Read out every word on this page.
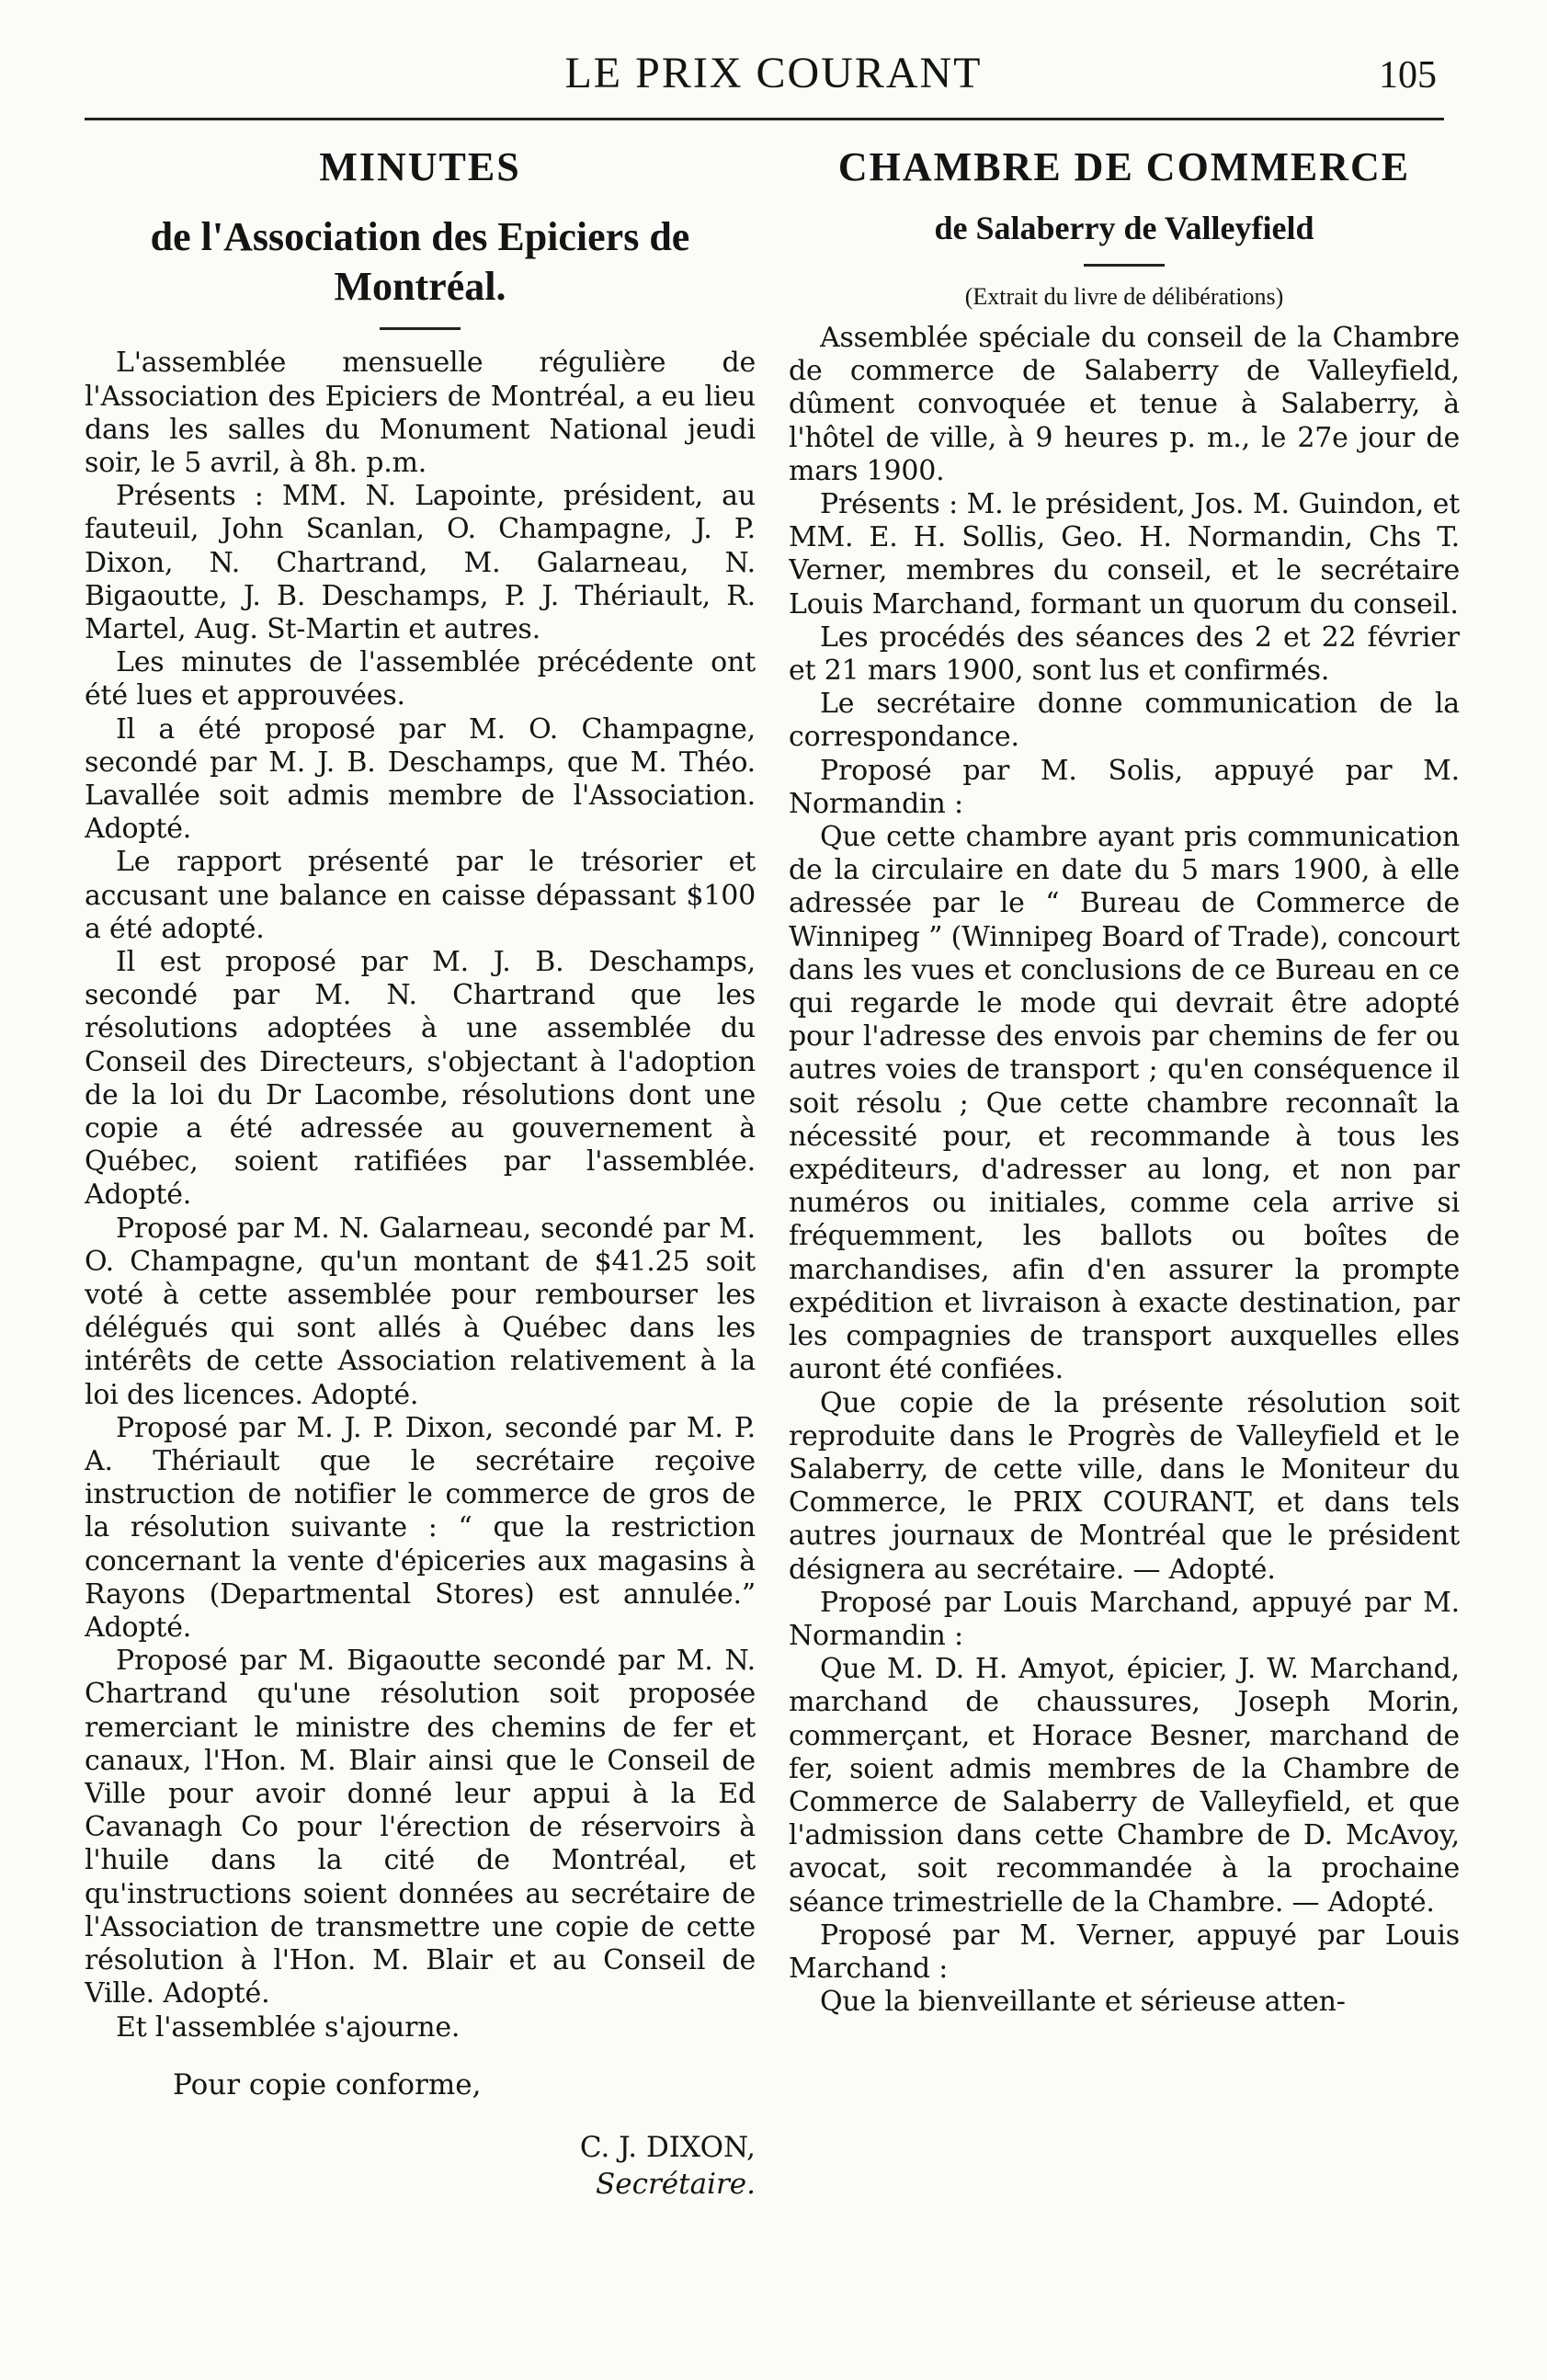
LE PRIX COURANT	105
MINUTES
de l'Association des Epiciers de Montréal.

L'assemblée mensuelle régulière de l'Association des Epiciers de Montréal, a eu lieu dans les salles du Monument National jeudi soir, le 5 avril, à 8h. p.m.

Présents : MM. N. Lapointe, président, au fauteuil, John Scanlan, O. Champagne, J. P. Dixon, N. Chartrand, M. Galarneau, N. Bigaoutte, J. B. Deschamps, P. J. Thériault, R. Martel, Aug. St-Martin et autres.

Les minutes de l'assemblée précédente ont été lues et approuvées.

Il a été proposé par M. O. Champagne, secondé par M. J. B. Deschamps, que M. Théo. Lavallée soit admis membre de l'Association. Adopté.

Le rapport présenté par le trésorier et accusant une balance en caisse dépassant $100 a été adopté.

Il est proposé par M. J. B. Deschamps, secondé par M. N. Chartrand que les résolutions adoptées à une assemblée du Conseil des Directeurs, s'objectant à l'adoption de la loi du Dr Lacombe, résolutions dont une copie a été adressée au gouvernement à Québec, soient ratifiées par l'assemblée. Adopté.

Proposé par M. N. Galarneau, secondé par M. O. Champagne, qu'un montant de $41.25 soit voté à cette assemblée pour rembourser les délégués qui sont allés à Québec dans les intérêts de cette Association relativement à la loi des licences. Adopté.

Proposé par M. J. P. Dixon, secondé par M. P. A. Thériault que le secrétaire reçoive instruction de notifier le commerce de gros de la résolution suivante : “ que la restriction concernant la vente d'épiceries aux magasins à Rayons (Departmental Stores) est annulée.” Adopté.

Proposé par M. Bigaoutte secondé par M. N. Chartrand qu'une résolution soit proposée remerciant le ministre des chemins de fer et canaux, l'Hon. M. Blair ainsi que le Conseil de Ville pour avoir donné leur appui à la Ed Cavanagh Co pour l'érection de réservoirs à l'huile dans la cité de Montréal, et qu'instructions soient données au secrétaire de l'Association de transmettre une copie de cette résolution à l'Hon. M. Blair et au Conseil de Ville. Adopté.

Et l'assemblée s'ajourne.

Pour copie conforme,

C. J. DIXON,
Secrétaire.

CHAMBRE DE COMMERCE
de Salaberry de Valleyfield

(Extrait du livre de délibérations)

Assemblée spéciale du conseil de la Chambre de commerce de Salaberry de Valleyfield, dûment convoquée et tenue à Salaberry, à l'hôtel de ville, à 9 heures p. m., le 27e jour de mars 1900.

Présents : M. le président, Jos. M. Guindon, et MM. E. H. Sollis, Geo. H. Normandin, Chs T. Verner, membres du conseil, et le secrétaire Louis Marchand, formant un quorum du conseil.

Les procédés des séances des 2 et 22 février et 21 mars 1900, sont lus et confirmés.

Le secrétaire donne communication de la correspondance.

Proposé par M. Solis, appuyé par M. Normandin :

Que cette chambre ayant pris communication de la circulaire en date du 5 mars 1900, à elle adressée par le “ Bureau de Commerce de Winnipeg ” (Winnipeg Board of Trade), concourt dans les vues et conclusions de ce Bureau en ce qui regarde le mode qui devrait être adopté pour l'adresse des envois par chemins de fer ou autres voies de transport ; qu'en conséquence il soit résolu ; Que cette chambre reconnaît la nécessité pour, et recommande à tous les expéditeurs, d'adresser au long, et non par numéros ou initiales, comme cela arrive si fréquemment, les ballots ou boîtes de marchandises, afin d'en assurer la prompte expédition et livraison à exacte destination, par les compagnies de transport auxquelles elles auront été confiées.

Que copie de la présente résolution soit reproduite dans le Progrès de Valleyfield et le Salaberry, de cette ville, dans le Moniteur du Commerce, le PRIX COURANT, et dans tels autres journaux de Montréal que le président désignera au secrétaire. — Adopté.

Proposé par Louis Marchand, appuyé par M. Normandin :

Que M. D. H. Amyot, épicier, J. W. Marchand, marchand de chaussures, Joseph Morin, commerçant, et Horace Besner, marchand de fer, soient admis membres de la Chambre de Commerce de Salaberry de Valleyfield, et que l'admission dans cette Chambre de D. McAvoy, avocat, soit recommandée à la prochaine séance trimestrielle de la Chambre. — Adopté.

Proposé par M. Verner, appuyé par Louis Marchand :

Que la bienveillante et sérieuse atten-
